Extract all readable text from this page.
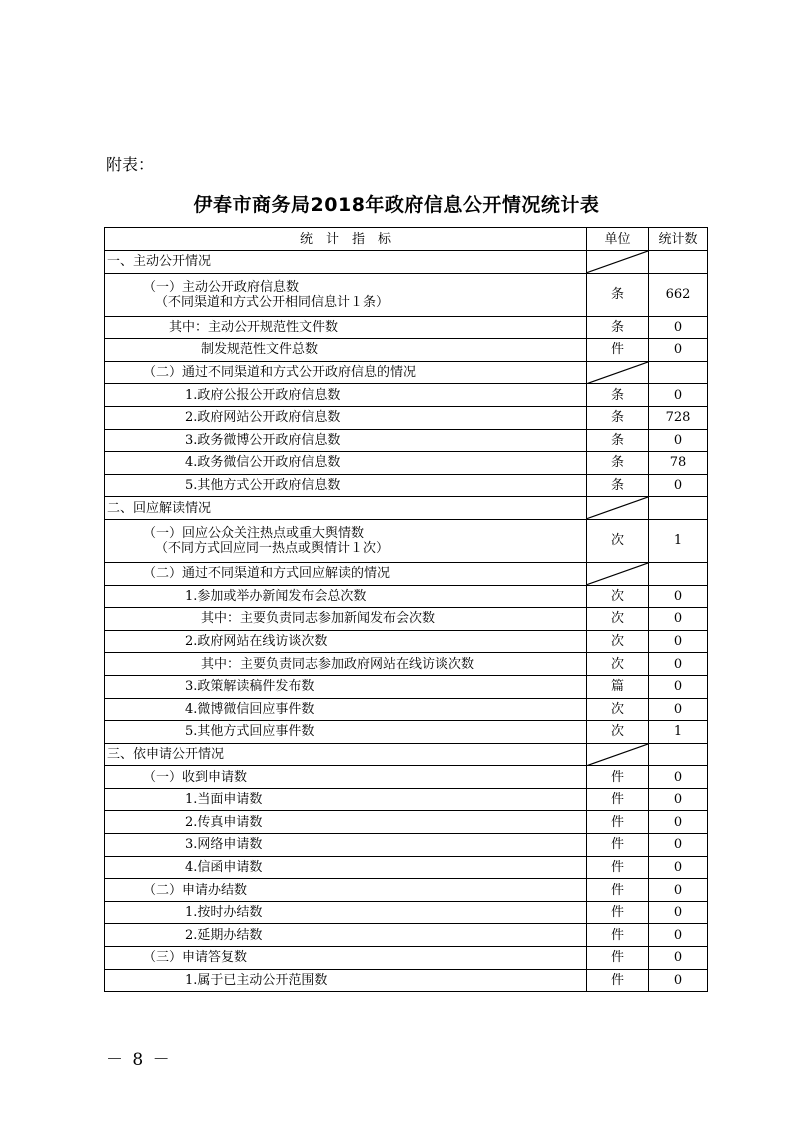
附表：
伊春市商务局2018年政府信息公开情况统计表
统　计　指　标	单位	统计数
一、主动公开情况	

（一）主动公开政府信息数
（不同渠道和方式公开相同信息计１条）	条	662
其中：主动公开规范性文件数	条	0
制发规范性文件总数	件	0
（二）通过不同渠道和方式公开政府信息的情况	

1.政府公报公开政府信息数	条	0
2.政府网站公开政府信息数	条	728
3.政务微博公开政府信息数	条	0
4.政务微信公开政府信息数	条	78
5.其他方式公开政府信息数	条	0
二、回应解读情况	

（一）回应公众关注热点或重大舆情数
（不同方式回应同一热点或舆情计１次）	次	1
（二）通过不同渠道和方式回应解读的情况	

1.参加或举办新闻发布会总次数	次	0
其中：主要负责同志参加新闻发布会次数	次	0
2.政府网站在线访谈次数	次	0
其中：主要负责同志参加政府网站在线访谈次数	次	0
3.政策解读稿件发布数	篇	0
4.微博微信回应事件数	次	0
5.其他方式回应事件数	次	1
三、依申请公开情况	

（一）收到申请数	件	0
1.当面申请数	件	0
2.传真申请数	件	0
3.网络申请数	件	0
4.信函申请数	件	0
（二）申请办结数	件	0
1.按时办结数	件	0
2.延期办结数	件	0
（三）申请答复数	件	0
1.属于已主动公开范围数	件	0
－ 8 －
